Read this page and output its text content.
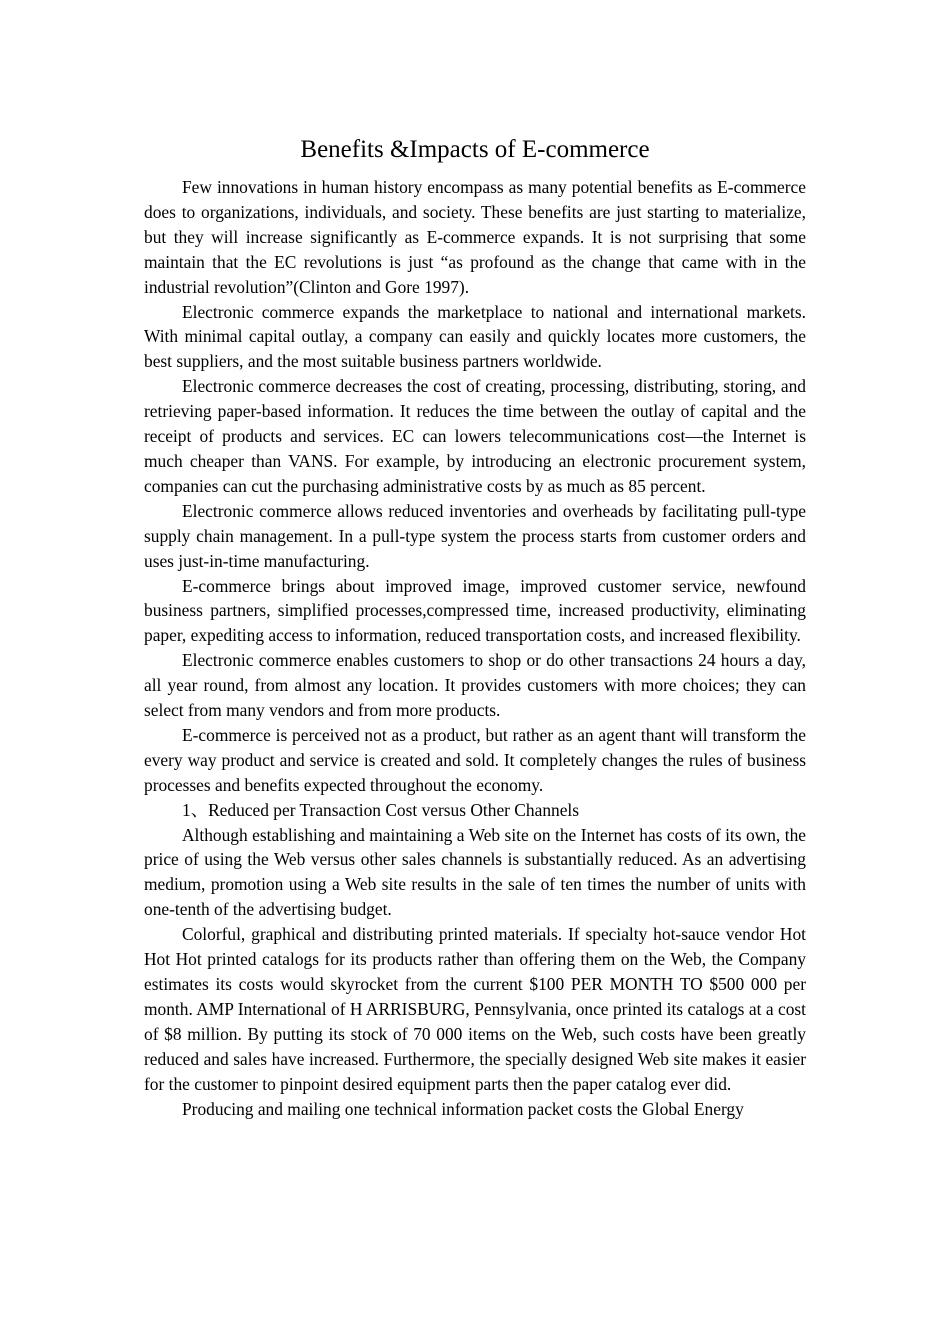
Benefits &Impacts of E-commerce

Few innovations in human history encompass as many potential benefits as E-commerce does to organizations, individuals, and society. These benefits are just starting to materialize, but they will increase significantly as E-commerce expands. It is not surprising that some maintain that the EC revolutions is just “as profound as the change that came with in the industrial revolution”(Clinton and Gore 1997).

Electronic commerce expands the marketplace to national and international markets. With minimal capital outlay, a company can easily and quickly locates more customers, the best suppliers, and the most suitable business partners worldwide.

Electronic commerce decreases the cost of creating, processing, distributing, storing, and retrieving paper-based information. It reduces the time between the outlay of capital and the receipt of products and services. EC can lowers telecommunications cost—the Internet is much cheaper than VANS. For example, by introducing an electronic procurement system, companies can cut the purchasing administrative costs by as much as 85 percent.

Electronic commerce allows reduced inventories and overheads by facilitating pull-type supply chain management. In a pull-type system the process starts from customer orders and uses just-in-time manufacturing.

E-commerce brings about improved image, improved customer service, newfound business partners, simplified processes,compressed time, increased productivity, eliminating paper, expediting access to information, reduced transportation costs, and increased flexibility.

Electronic commerce enables customers to shop or do other transactions 24 hours a day, all year round, from almost any location. It provides customers with more choices; they can select from many vendors and from more products.

E-commerce is perceived not as a product, but rather as an agent thant will transform the every way product and service is created and sold. It completely changes the rules of business processes and benefits expected throughout the economy.

1、Reduced per Transaction Cost versus Other Channels

Although establishing and maintaining a Web site on the Internet has costs of its own, the price of using the Web versus other sales channels is substantially reduced. As an advertising medium, promotion using a Web site results in the sale of ten times the number of units with one-tenth of the advertising budget.

Colorful, graphical and distributing printed materials. If specialty hot-sauce vendor Hot Hot Hot printed catalogs for its products rather than offering them on the Web, the Company estimates its costs would skyrocket from the current $100 PER MONTH TO $500 000 per month. AMP International of H ARRISBURG, Pennsylvania, once printed its catalogs at a cost of $8 million. By putting its stock of 70 000 items on the Web, such costs have been greatly reduced and sales have increased. Furthermore, the specially designed Web site makes it easier for the customer to pinpoint desired equipment parts then the paper catalog ever did.

Producing and mailing one technical information packet costs the Global Energy
